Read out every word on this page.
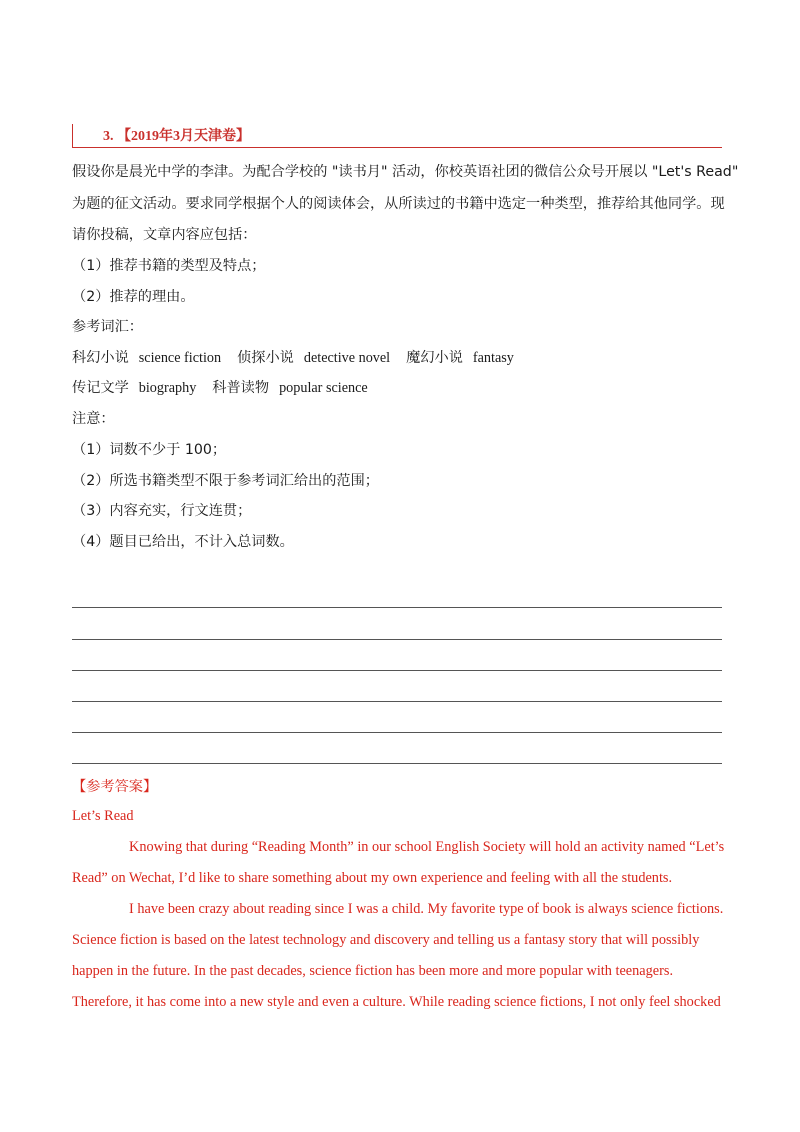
3. 【2019年3月天津卷】
假设你是晨光中学的李津。为配合学校的 "读书月" 活动，你校英语社团的微信公众号开展以 "Let's Read"
为题的征文活动。要求同学根据个人的阅读体会，从所读过的书籍中选定一种类型，推荐给其他同学。现
请你投稿，文章内容应包括：
（1）推荐书籍的类型及特点；
（2）推荐的理由。
参考词汇：
科幻小说 science fiction 侦探小说 detective novel 魔幻小说 fantasy
传记文学 biography 科普读物 popular science
注意：
（1）词数不少于 100；
（2）所选书籍类型不限于参考词汇给出的范围；
（3）内容充实，行文连贯；
（4）题目已给出，不计入总词数。
【参考答案】
Let’s Read
Knowing that during “Reading Month” in our school English Society will hold an activity named “Let’s
Read” on Wechat, I’d like to share something about my own experience and feeling with all the students.
I have been crazy about reading since I was a child. My favorite type of book is always science fictions.
Science fiction is based on the latest technology and discovery and telling us a fantasy story that will possibly
happen in the future. In the past decades, science fiction has been more and more popular with teenagers.
Therefore, it has come into a new style and even a culture. While reading science fictions, I not only feel shocked
